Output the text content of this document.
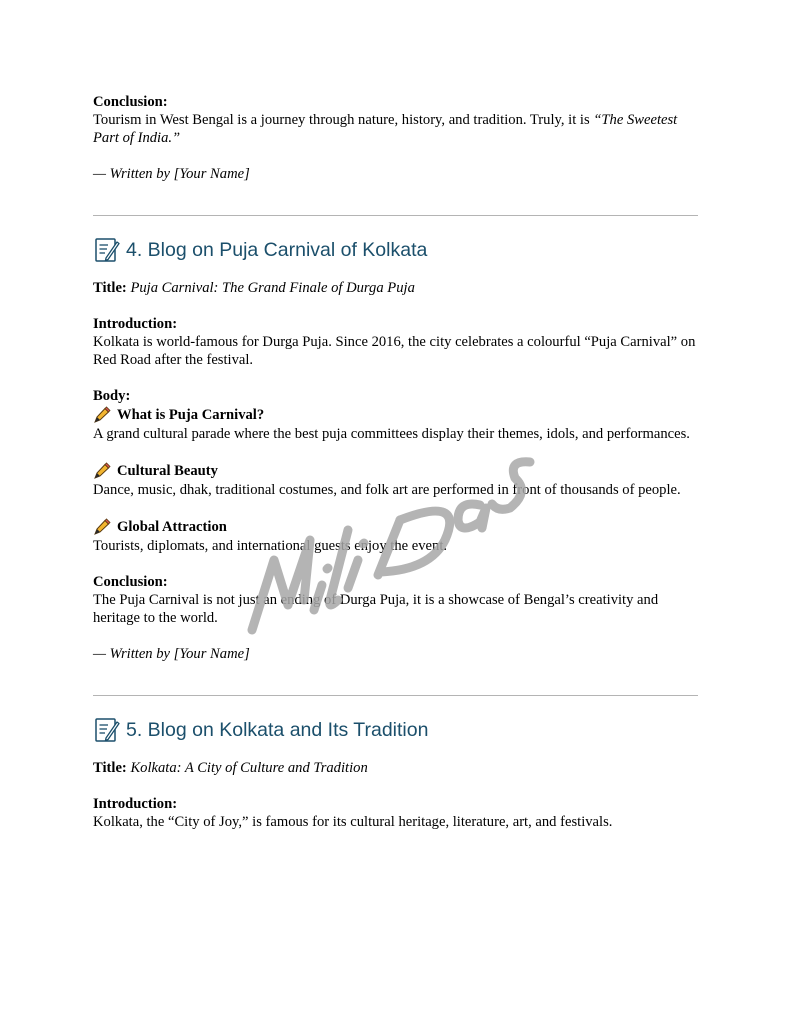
Conclusion:

Tourism in West Bengal is a journey through nature, history, and tradition. Truly, it is “The Sweetest Part of India.”

— Written by [Your Name]

4. Blog on Puja Carnival of Kolkata

Title: Puja Carnival: The Grand Finale of Durga Puja

Introduction:

Kolkata is world-famous for Durga Puja. Since 2016, the city celebrates a colourful “Puja Carnival” on Red Road after the festival.

Body:

What is Puja Carnival?

A grand cultural parade where the best puja committees display their themes, idols, and performances.

Cultural Beauty

Dance, music, dhak, traditional costumes, and folk art are performed in front of thousands of people.

Global Attraction

Tourists, diplomats, and international guests enjoy the event.

Conclusion:

The Puja Carnival is not just an ending of Durga Puja, it is a showcase of Bengal’s creativity and heritage to the world.

— Written by [Your Name]

5. Blog on Kolkata and Its Tradition

Title: Kolkata: A City of Culture and Tradition

Introduction:

Kolkata, the “City of Joy,” is famous for its cultural heritage, literature, art, and festivals.
